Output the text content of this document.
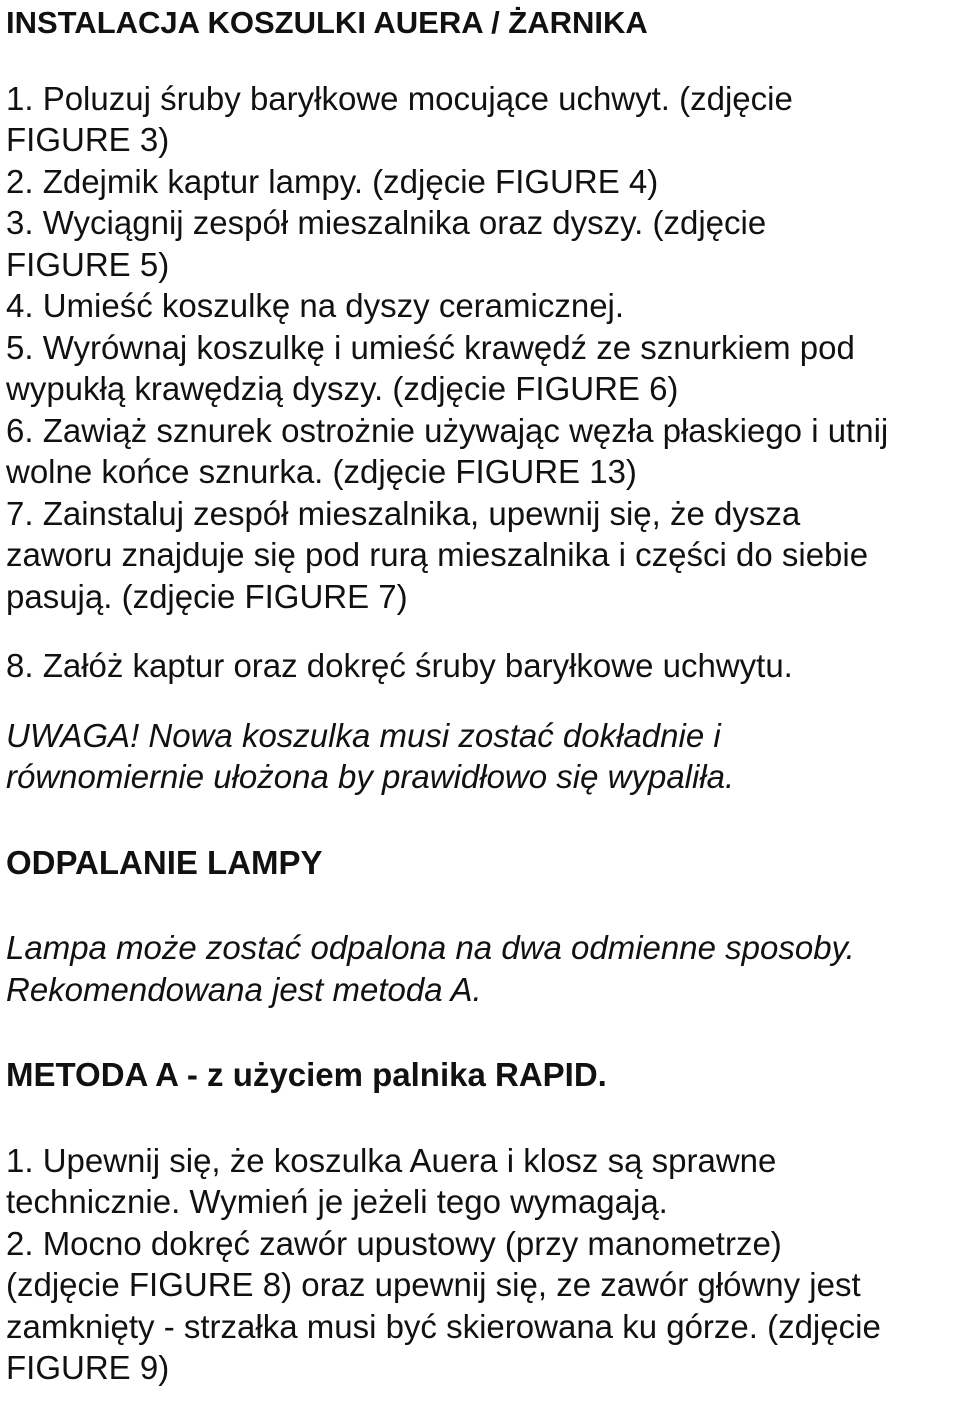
INSTALACJA KOSZULKI AUERA / ŻARNIKA
1. Poluzuj śruby baryłkowe mocujące uchwyt. (zdjęcie
FIGURE 3)
2. Zdejmik kaptur lampy. (zdjęcie FIGURE 4)
3. Wyciągnij zespół mieszalnika oraz dyszy. (zdjęcie
FIGURE 5)
4. Umieść koszulkę na dyszy ceramicznej.
5. Wyrównaj koszulkę i umieść krawędź ze sznurkiem pod
wypukłą krawędzią dyszy. (zdjęcie FIGURE 6)
6. Zawiąż sznurek ostrożnie używając węzła płaskiego i utnij
wolne końce sznurka. (zdjęcie FIGURE 13)
7. Zainstaluj zespół mieszalnika, upewnij się, że dysza
zaworu znajduje się pod rurą mieszalnika i części do siebie
pasują. (zdjęcie FIGURE 7)
8. Załóż kaptur oraz dokręć śruby baryłkowe uchwytu.
UWAGA! Nowa koszulka musi zostać dokładnie i
równomiernie ułożona by prawidłowo się wypaliła.
ODPALANIE LAMPY
Lampa może zostać odpalona na dwa odmienne sposoby.
Rekomendowana jest metoda A.
METODA A - z użyciem palnika RAPID.
1. Upewnij się, że koszulka Auera i klosz są sprawne
technicznie. Wymień je jeżeli tego wymagają.
2. Mocno dokręć zawór upustowy (przy manometrze)
(zdjęcie FIGURE 8) oraz upewnij się, ze zawór główny jest
zamknięty - strzałka musi być skierowana ku górze. (zdjęcie
FIGURE 9)
